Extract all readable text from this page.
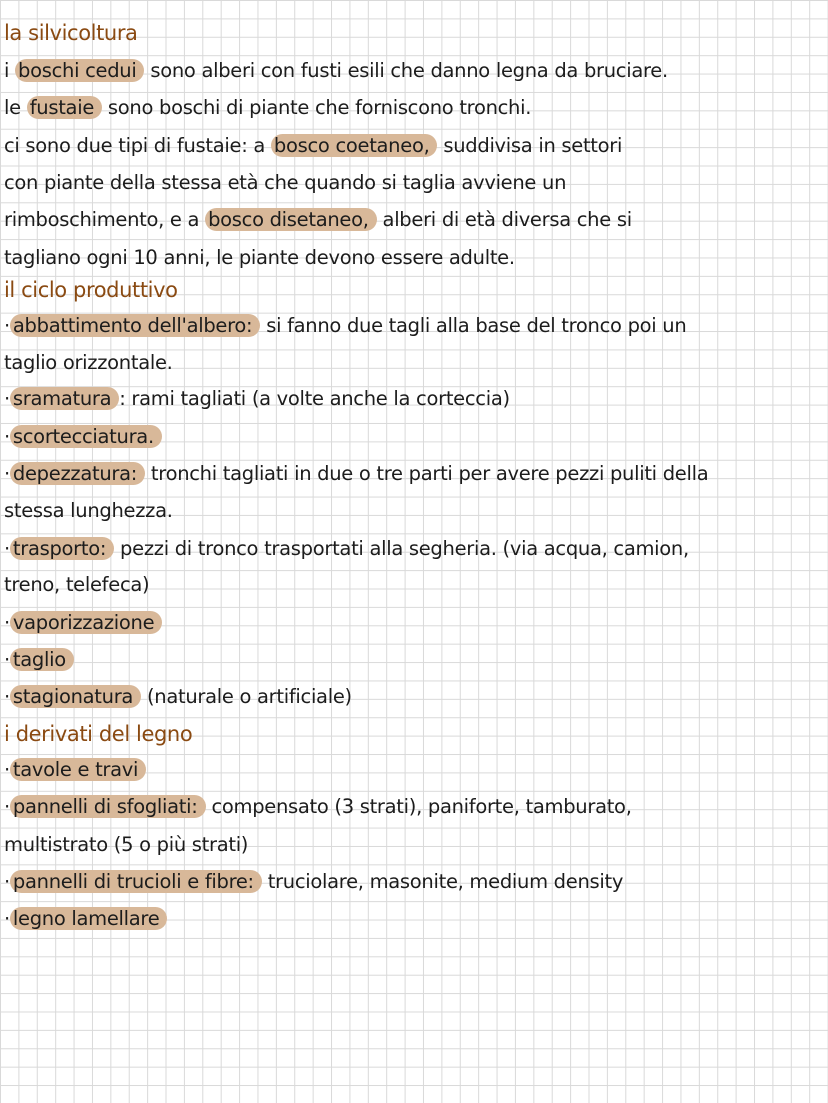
la silvicoltura
i boschi cedui sono alberi con fusti esili che danno legna da bruciare.
le fustaie sono boschi di piante che forniscono tronchi.
ci sono due tipi di fustaie: a bosco coetaneo, suddivisa in settori
con piante della stessa età che quando si taglia avviene un
rimboschimento, e a bosco disetaneo, alberi di età diversa che si
tagliano ogni 10 anni, le piante devono essere adulte.
il ciclo produttivo
· abbattimento dell'albero: si fanno due tagli alla base del tronco poi un
taglio orizzontale.
· sramatura : rami tagliati (a volte anche la corteccia)
· scortecciatura.
· depezzatura: tronchi tagliati in due o tre parti per avere pezzi puliti della
stessa lunghezza.
· trasporto: pezzi di tronco trasportati alla segheria. (via acqua, camion,
treno, telefeca)
· vaporizzazione
· taglio
· stagionatura (naturale o artificiale)
i derivati del legno
· tavole e travi
· pannelli di sfogliati: compensato (3 strati), paniforte, tamburato,
multistrato (5 o più strati)
· pannelli di trucioli e fibre: truciolare, masonite, medium density
· legno lamellare
